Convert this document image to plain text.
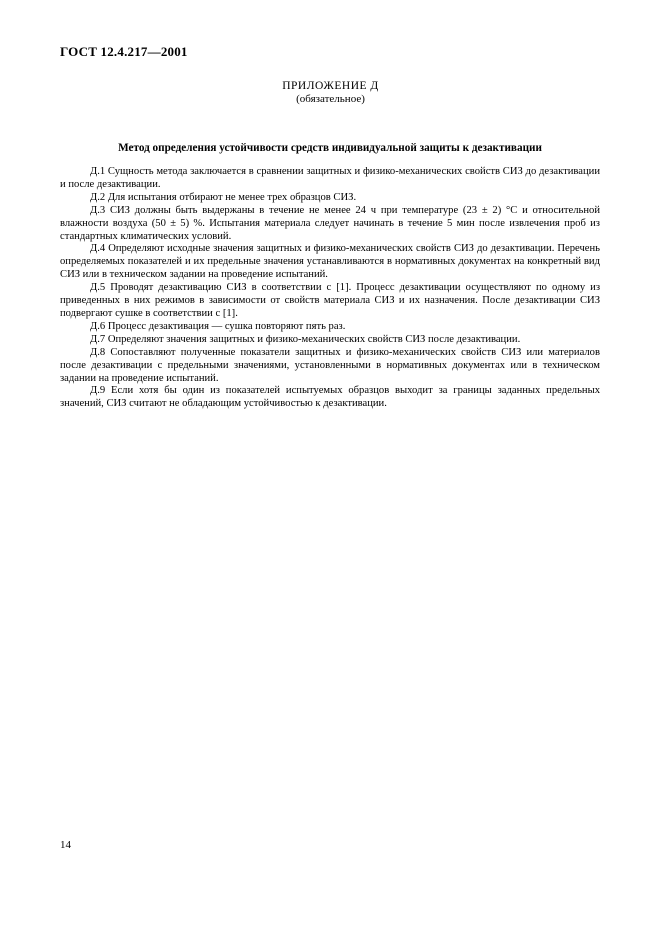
ГОСТ 12.4.217—2001
ПРИЛОЖЕНИЕ Д
(обязательное)
Метод определения устойчивости средств индивидуальной защиты к дезактивации

Д.1 Сущность метода заключается в сравнении защитных и физико-механических свойств СИЗ до дезактивации и после дезактивации.

Д.2 Для испытания отбирают не менее трех образцов СИЗ.

Д.3 СИЗ должны быть выдержаны в течение не менее 24 ч при температуре (23 ± 2) °С и относительной влажности воздуха (50 ± 5) %. Испытания материала следует начинать в течение 5 мин после извлечения проб из стандартных климатических условий.

Д.4 Определяют исходные значения защитных и физико-механических свойств СИЗ до дезактивации. Перечень определяемых показателей и их предельные значения устанавливаются в нормативных документах на конкретный вид СИЗ или в техническом задании на проведение испытаний.

Д.5 Проводят дезактивацию СИЗ в соответствии с [1]. Процесс дезактивации осуществляют по одному из приведенных в них режимов в зависимости от свойств материала СИЗ и их назначения. После дезактивации СИЗ подвергают сушке в соответствии с [1].

Д.6 Процесс дезактивация — сушка повторяют пять раз.

Д.7 Определяют значения защитных и физико-механических свойств СИЗ после дезактивации.

Д.8 Сопоставляют полученные показатели защитных и физико-механических свойств СИЗ или материалов после дезактивации с предельными значениями, установленными в нормативных документах или в техническом задании на проведение испытаний.

Д.9 Если хотя бы один из показателей испытуемых образцов выходит за границы заданных предельных значений, СИЗ считают не обладающим устойчивостью к дезактивации.

14
